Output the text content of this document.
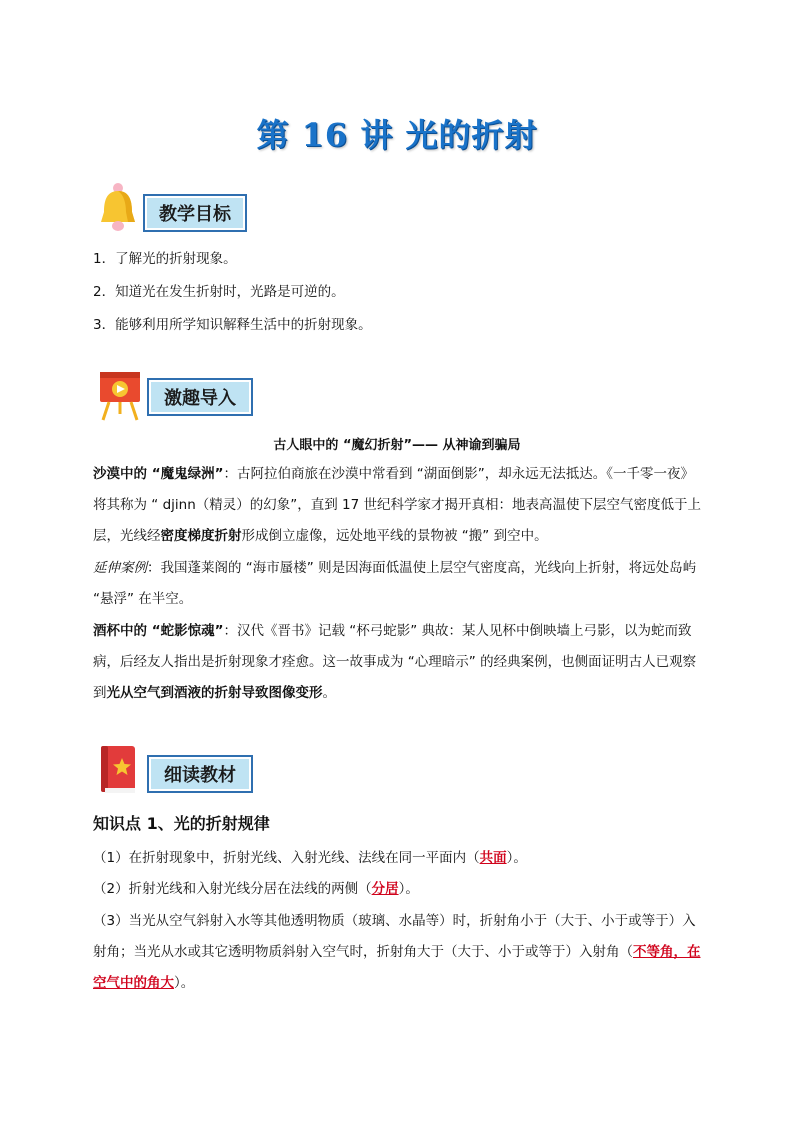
第 16 讲 光的折射
教学目标
1．了解光的折射现象。
2．知道光在发生折射时，光路是可逆的。
3．能够利用所学知识解释生活中的折射现象。
激趣导入
古人眼中的 “魔幻折射”—— 从神谕到骗局
沙漠中的 “魔鬼绿洲”：古阿拉伯商旅在沙漠中常看到 “湖面倒影”，却永远无法抵达。《一千零一夜》将其称为 “ djinn（精灵）的幻象”，直到 17 世纪科学家才揭开真相：地表高温使下层空气密度低于上层，光线经密度梯度折射形成倒立虚像，远处地平线的景物被 “搬” 到空中。
延伸案例：我国蓬莱阁的 “海市蜃楼” 则是因海面低温使上层空气密度高，光线向上折射，将远处岛屿 “悬浮” 在半空。
酒杯中的 “蛇影惊魂”：汉代《晋书》记载 “杯弓蛇影” 典故：某人见杯中倒映墙上弓影，以为蛇而致病，后经友人指出是折射现象才痊愈。这一故事成为 “心理暗示” 的经典案例，也侧面证明古人已观察到光从空气到酒液的折射导致图像变形。
细读教材
知识点 1、光的折射规律
（1）在折射现象中，折射光线、入射光线、法线在同一平面内（共面）。
（2）折射光线和入射光线分居在法线的两侧（分居）。
（3）当光从空气斜射入水等其他透明物质（玻璃、水晶等）时，折射角小于（大于、小于或等于）入射角；当光从水或其它透明物质斜射入空气时，折射角大于（大于、小于或等于）入射角（不等角，在空气中的角大）。
